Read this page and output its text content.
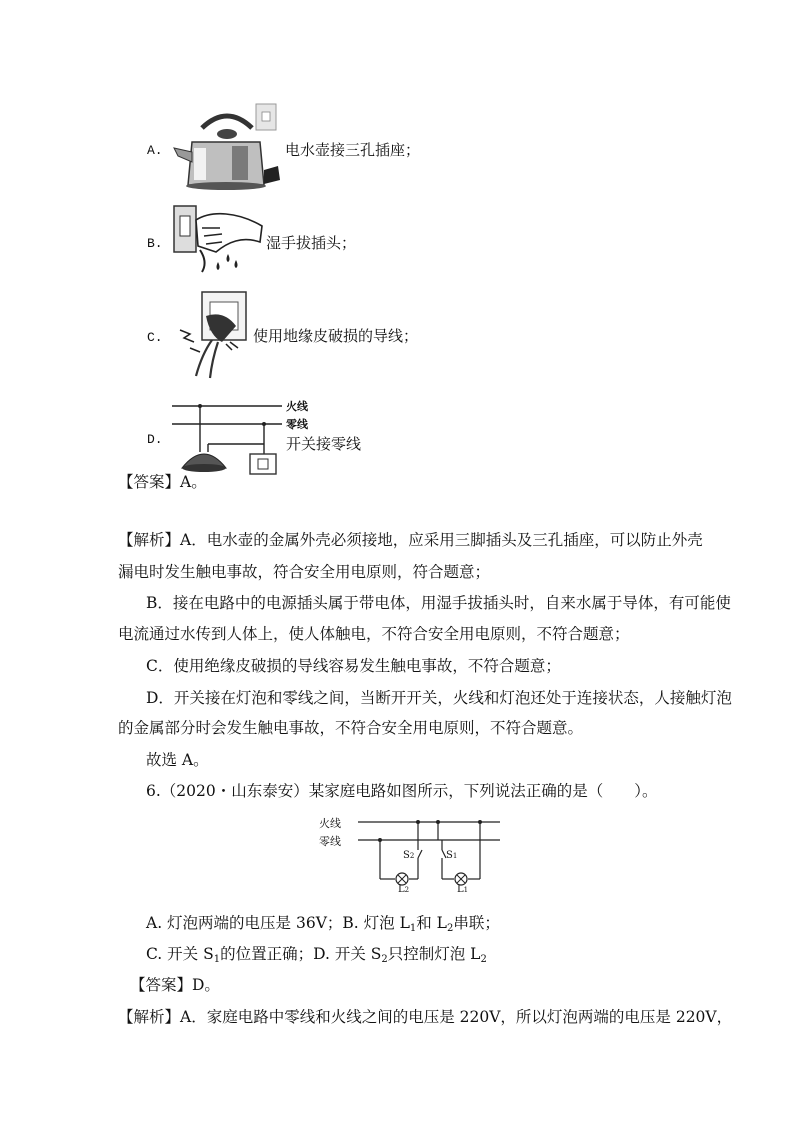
A.	电水壶接三孔插座；
B.	湿手拔插头；
C.	使用地缘皮破损的导线；
D.
火线
零线
开关接零线
【答案】A。
【解析】A．电水壶的金属外壳必须接地，应采用三脚插头及三孔插座，可以防止外壳
漏电时发生触电事故，符合安全用电原则，符合题意；
B．接在电路中的电源插头属于带电体，用湿手拔插头时，自来水属于导体，有可能使
电流通过水传到人体上，使人体触电，不符合安全用电原则，不符合题意；
C．使用绝缘皮破损的导线容易发生触电事故，不符合题意；
D．开关接在灯泡和零线之间，当断开开关，火线和灯泡还处于连接状态，人接触灯泡
的金属部分时会发生触电事故，不符合安全用电原则，不符合题意。
故选 A。
6.（2020・山东泰安）某家庭电路如图所示，下列说法正确的是（　　）。
火线
零线
S2	S1
L2	L1
A. 灯泡两端的电压是 36V；B. 灯泡 $L_1$和 $L_2$串联；
C. 开关 $S_1$的位置正确；D. 开关 $S_2$只控制灯泡 $L_2$
【答案】D。
【解析】A．家庭电路中零线和火线之间的电压是 220V，所以灯泡两端的电压是 220V，
